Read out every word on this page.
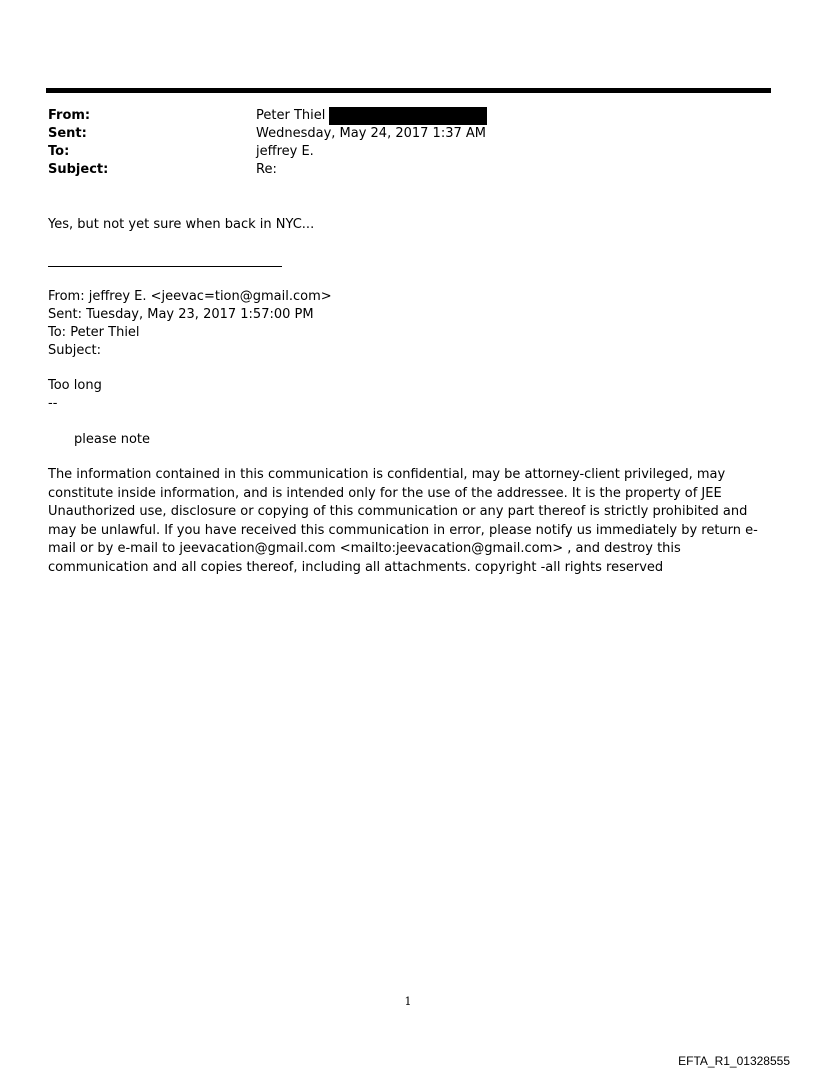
From:	Peter Thiel
Sent:	Wednesday, May 24, 2017 1:37 AM
To:	jeffrey E.
Subject:	Re:
Yes, but not yet sure when back in NYC...
From: jeffrey E. <jeevac=tion@gmail.com>
Sent: Tuesday, May 23, 2017 1:57:00 PM
To: Peter Thiel
Subject:
Too long
--
please note
The information contained in this communication is confidential, may be attorney-client privileged, may constitute inside information, and is intended only for the use of the addressee. It is the property of JEE Unauthorized use, disclosure or copying of this communication or any part thereof is strictly prohibited and may be unlawful. If you have received this communication in error, please notify us immediately by return e-mail or by e-mail to jeevacation@gmail.com <mailto:jeevacation@gmail.com> , and destroy this communication and all copies thereof, including all attachments. copyright -all rights reserved
1
EFTA_R1_01328555
